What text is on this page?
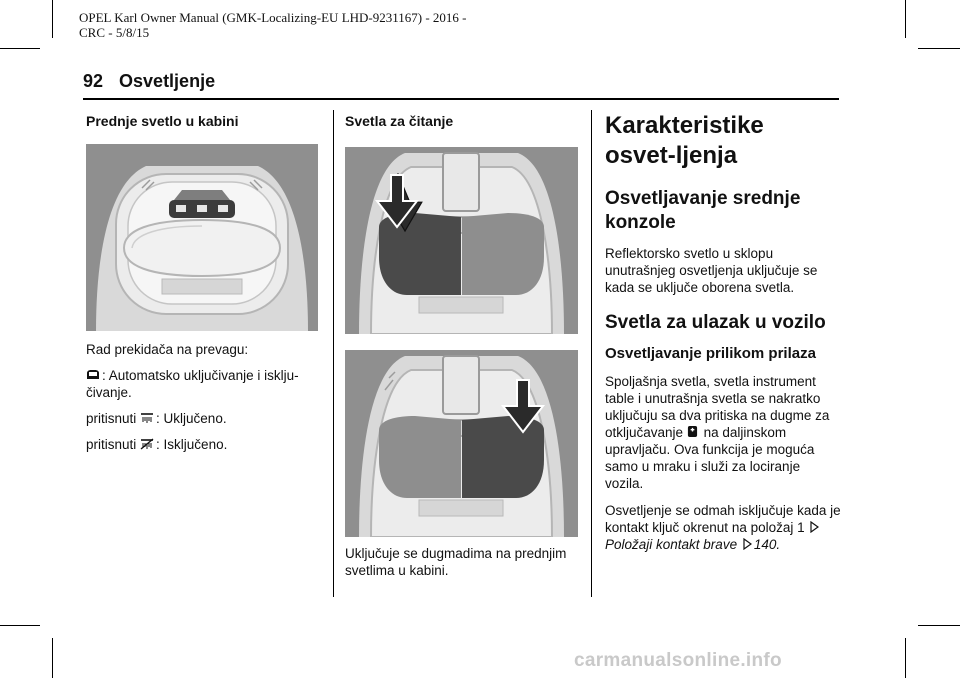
OPEL Karl Owner Manual (GMK-Localizing-EU LHD-9231167) - 2016 -
CRC - 5/8/15
92 Osvetljenje

Prednje svetlo u kabini

Rad prekidača na prevagu:

: Automatsko uključivanje i isklju-čivanje.

pritisnuti : Uključeno.

pritisnuti : Isključeno.

Svetla za čitanje

Uključuje se dugmadima na prednjim svetlima u kabini.

Karakteristike osvet-ljenja

Osvetljavanje srednje konzole

Reflektorsko svetlo u sklopu unutrašnjeg osvetljenja uključuje se kada se uključe oborena svetla.

Svetla za ulazak u vozilo

Osvetljavanje prilikom prilaza

Spoljašnja svetla, svetla instrument table i unutrašnja svetla se nakratko uključuju sa dva pritiska na dugme za otključavanje na daljinskom upravljaču. Ova funkcija je moguća samo u mraku i služi za lociranje vozila.

Osvetljenje se odmah isključuje kada je kontakt ključ okrenut na položaj 1 Položaji kontakt brave 140.

carmanualsonline.info
